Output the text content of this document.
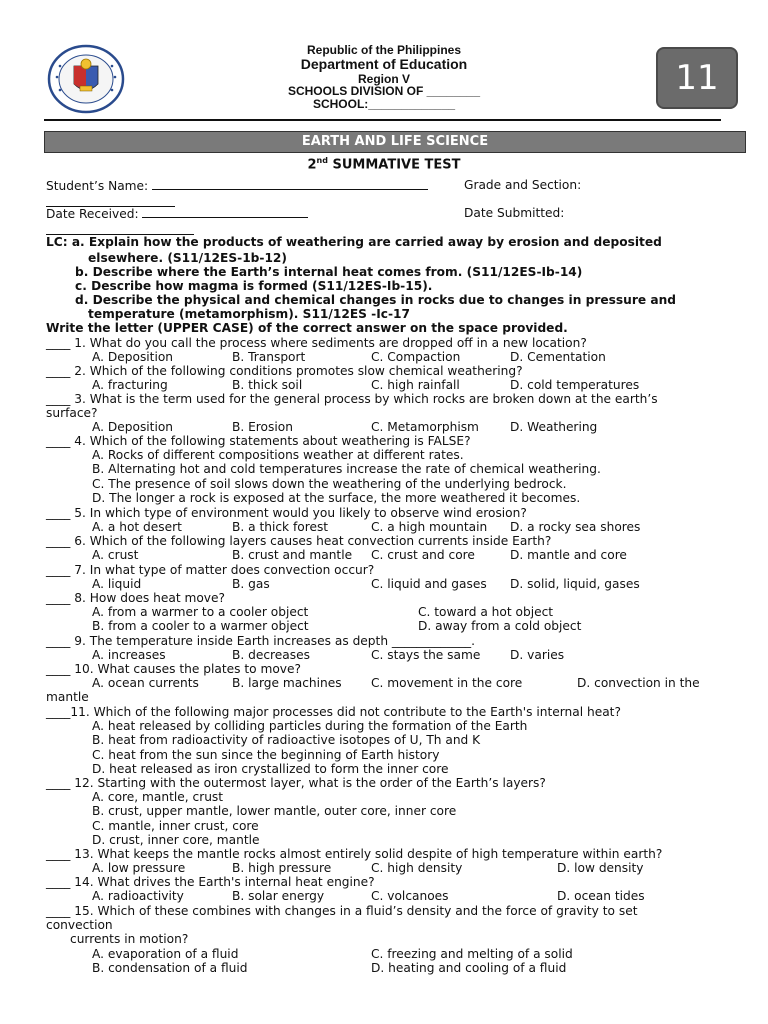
Republic of the Philippines
Department of Education
Region V
SCHOOLS DIVISION OF ________
SCHOOL:_____________
11
EARTH AND LIFE SCIENCE
2nd SUMMATIVE TEST
Student’s Name:	Grade and Section:
Date Received:	Date Submitted:
LC: a. Explain how the products of weathering are carried away by erosion and deposited
elsewhere. (S11/12ES-1b-12)
b. Describe where the Earth’s internal heat comes from. (S11/12ES-Ib-14)
c. Describe how magma is formed (S11/12ES-Ib-15).
d. Describe the physical and chemical changes in rocks due to changes in pressure and
temperature (metamorphism). S11/12ES -Ic-17
Write the letter (UPPER CASE) of the correct answer on the space provided.
____ 1. What do you call the process where sediments are dropped off in a new location?
A. Deposition	B. Transport	C. Compaction	D. Cementation
____ 2. Which of the following conditions promotes slow chemical weathering?
A. fracturing	B. thick soil	C. high rainfall	D. cold temperatures
____ 3. What is the term used for the general process by which rocks are broken down at the earth’s
surface?
A. Deposition	B. Erosion	C. Metamorphism	D. Weathering
____ 4. Which of the following statements about weathering is FALSE?
A. Rocks of different compositions weather at different rates.
B. Alternating hot and cold temperatures increase the rate of chemical weathering.
C. The presence of soil slows down the weathering of the underlying bedrock.
D. The longer a rock is exposed at the surface, the more weathered it becomes.
____ 5. In which type of environment would you likely to observe wind erosion?
A. a hot desert	B. a thick forest	C. a high mountain D. a rocky sea shores
____ 6. Which of the following layers causes heat convection currents inside Earth?
A. crust	B. crust and mantle C. crust and core	D. mantle and core
____ 7. In what type of matter does convection occur?
A. liquid	B. gas	C. liquid and gases D. solid, liquid, gases
____ 8. How does heat move?
A. from a warmer to a cooler object	C. toward a hot object
B. from a cooler to a warmer object	D. away from a cold object
____ 9. The temperature inside Earth increases as depth _____________.
A. increases	B. decreases	C. stays the same D. varies
____ 10. What causes the plates to move?
A. ocean currents	B. large machines C. movement in the core	D. convection in the
mantle
____11. Which of the following major processes did not contribute to the Earth's internal heat?
A. heat released by colliding particles during the formation of the Earth
B. heat from radioactivity of radioactive isotopes of U, Th and K
C. heat from the sun since the beginning of Earth history
D. heat released as iron crystallized to form the inner core
____ 12. Starting with the outermost layer, what is the order of the Earth’s layers?
A. core, mantle, crust
B. crust, upper mantle, lower mantle, outer core, inner core
C. mantle, inner crust, core
D. crust, inner core, mantle
____ 13. What keeps the mantle rocks almost entirely solid despite of high temperature within earth?
A. low pressure	B. high pressure	C. high density	D. low density
____ 14. What drives the Earth's internal heat engine?
A. radioactivity	B. solar energy	C. volcanoes	D. ocean tides
____ 15. Which of these combines with changes in a fluid’s density and the force of gravity to set
convection
currents in motion?
A. evaporation of a fluid	C. freezing and melting of a solid
B. condensation of a fluid	D. heating and cooling of a fluid
